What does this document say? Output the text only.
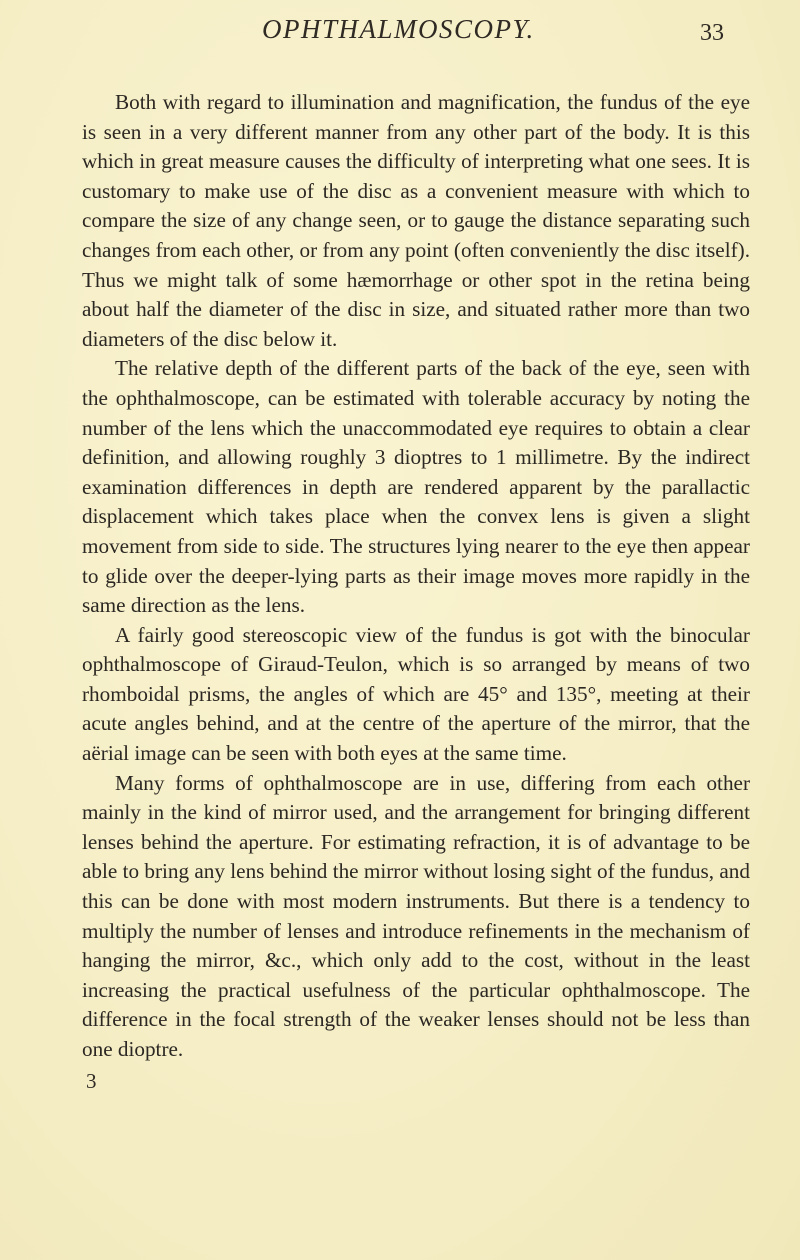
OPHTHALMOSCOPY.	33

Both with regard to illumination and magnification, the fundus of the eye is seen in a very different manner from any other part of the body. It is this which in great measure causes the difficulty of interpreting what one sees. It is customary to make use of the disc as a convenient measure with which to compare the size of any change seen, or to gauge the distance separating such changes from each other, or from any point (often conveniently the disc itself). Thus we might talk of some hæmorrhage or other spot in the retina being about half the diameter of the disc in size, and situated rather more than two diameters of the disc below it.

The relative depth of the different parts of the back of the eye, seen with the ophthalmoscope, can be estimated with tolerable accuracy by noting the number of the lens which the unaccommodated eye requires to obtain a clear definition, and allowing roughly 3 dioptres to 1 millimetre. By the indirect examination differences in depth are rendered apparent by the parallactic displacement which takes place when the convex lens is given a slight movement from side to side. The structures lying nearer to the eye then appear to glide over the deeper-lying parts as their image moves more rapidly in the same direction as the lens.

A fairly good stereoscopic view of the fundus is got with the binocular ophthalmoscope of Giraud-Teulon, which is so arranged by means of two rhomboidal prisms, the angles of which are 45° and 135°, meeting at their acute angles behind, and at the centre of the aperture of the mirror, that the aërial image can be seen with both eyes at the same time.

Many forms of ophthalmoscope are in use, differing from each other mainly in the kind of mirror used, and the arrangement for bringing different lenses behind the aperture. For estimating refraction, it is of advantage to be able to bring any lens behind the mirror without losing sight of the fundus, and this can be done with most modern instruments. But there is a tendency to multiply the number of lenses and introduce refinements in the mechanism of hanging the mirror, &c., which only add to the cost, without in the least increasing the practical usefulness of the particular ophthalmoscope. The difference in the focal strength of the weaker lenses should not be less than one dioptre.

3
